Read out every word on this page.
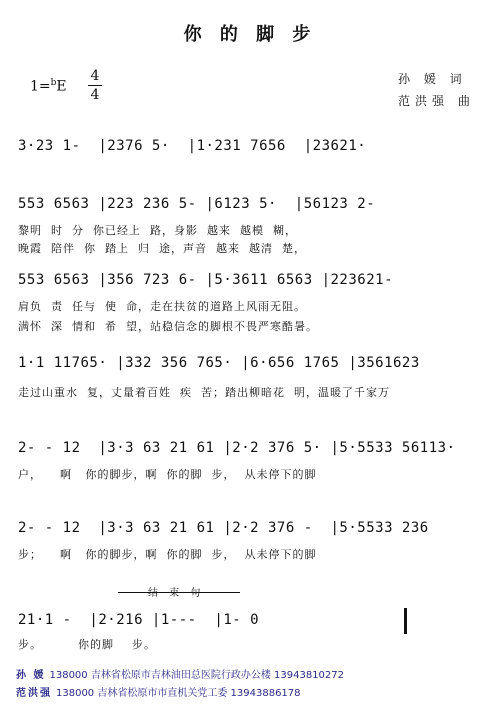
你 的 脚 步
1=$^b$E
4
4
孙 媛 词
范洪强 曲
3·23 1-  |2376 5·  |1·231 7656  |23621·
553 6563 |223 236 5- |6123 5·  |56123 2-
黎明  时  分  你已经上  路，身影  越来  越模  糊，
晚霞  陪伴  你  踏上  归  途，声音  越来  越清  楚，
553 6563 |356 723 6- |5·3611 6563 |223621-
肩负  责  任与  使  命，走在扶贫的道路上风雨无阻。
满怀  深  情和  希  望，站稳信念的脚根不畏严寒酷暑。
1·1 11765· |332 356 765· |6·656 1765 |3561623
走过山重水  复，丈量着百姓  疾  苦；踏出柳暗花  明，温暖了千家万
2- - 12  |3·3 63 21 61 |2·2 376 5· |5·5533 56113·
户，    啊   你的脚步，啊  你的脚  步，  从未停下的脚
2- - 12  |3·3 63 21 61 |2·2 376 -  |5·5533 236
步；    啊   你的脚步，啊  你的脚  步，  从未停下的脚
结 束 句
21·1 -  |2·216 |1---  |1- 0
步。        你的脚    步。
孙 媛 138000 吉林省松原市吉林油田总医院行政办公楼 13943810272
范洪强 138000 吉林省松原市市直机关党工委 13943886178
